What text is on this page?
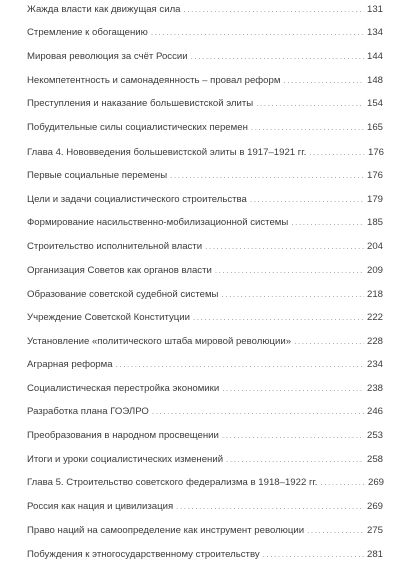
Жажда власти как движущая сила .....	131
Стремление к обогащению .....	134
Мировая революция за счёт России .....	144
Некомпетентность и самонадеянность – провал реформ .....	148
Преступления и наказание большевистской элиты .....	154
Побудительные силы социалистических перемен .....	165
Глава 4. Нововведения большевистской элиты в 1917–1921 гг. .....	176
Первые социальные перемены .....	176
Цели и задачи социалистического строительства .....	179
Формирование насильственно-мобилизационной системы .....	185
Строительство исполнительной власти .....	204
Организация Советов как органов власти .....	209
Образование советской судебной системы .....	218
Учреждение Советской Конституции .....	222
Установление «политического штаба мировой революции» .....	228
Аграрная реформа .....	234
Социалистическая перестройка экономики .....	238
Разработка плана ГОЭЛРО .....	246
Преобразования в народном просвещении .....	253
Итоги и уроки социалистических изменений .....	258
Глава 5. Строительство советского федерализма в 1918–1922 гг. .....	269
Россия как нация и цивилизация .....	269
Право наций на самоопределение как инструмент революции .....	275
Побуждения к этногосударственному строительству .....	281
